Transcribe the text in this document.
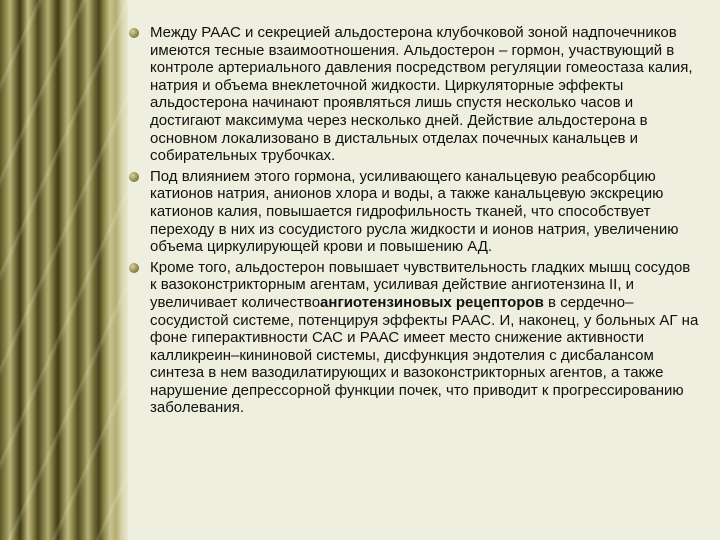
Между РААС и секрецией альдостерона клубочковой зоной надпочечников имеются тесные взаимоотношения. Альдостерон – гормон, участвующий в контроле артериального давления посредством регуляции гомеостаза калия, натрия и объема внеклеточной жидкости. Циркуляторные эффекты альдостерона начинают проявляться лишь спустя несколько часов и достигают максимума через несколько дней. Действие альдостерона в основном локализовано в дистальных отделах почечных канальцев и собирательных трубочках.
Под влиянием этого гормона, усиливающего канальцевую реабсорбцию катионов натрия, анионов хлора и воды, а также канальцевую экскрецию катионов калия, повышается гидрофильность тканей, что способствует переходу в них из сосудистого русла жидкости и ионов натрия, увеличению объема циркулирующей крови и повышению АД.
Кроме того, альдостерон повышает чувствительность гладких мышц сосудов к вазоконстрикторным агентам, усиливая действие ангиотензина II, и увеличивает количествоангиотензиновых рецепторов в сердечно–сосудистой системе, потенцируя эффекты РААС. И, наконец, у больных АГ на фоне гиперактивности САС и РААС имеет место снижение активности калликреин–кининовой системы, дисфункция эндотелия с дисбалансом синтеза в нем вазодилатирующих и вазоконстрикторных агентов, а также нарушение депрессорной функции почек, что приводит к прогрессированию заболевания.
